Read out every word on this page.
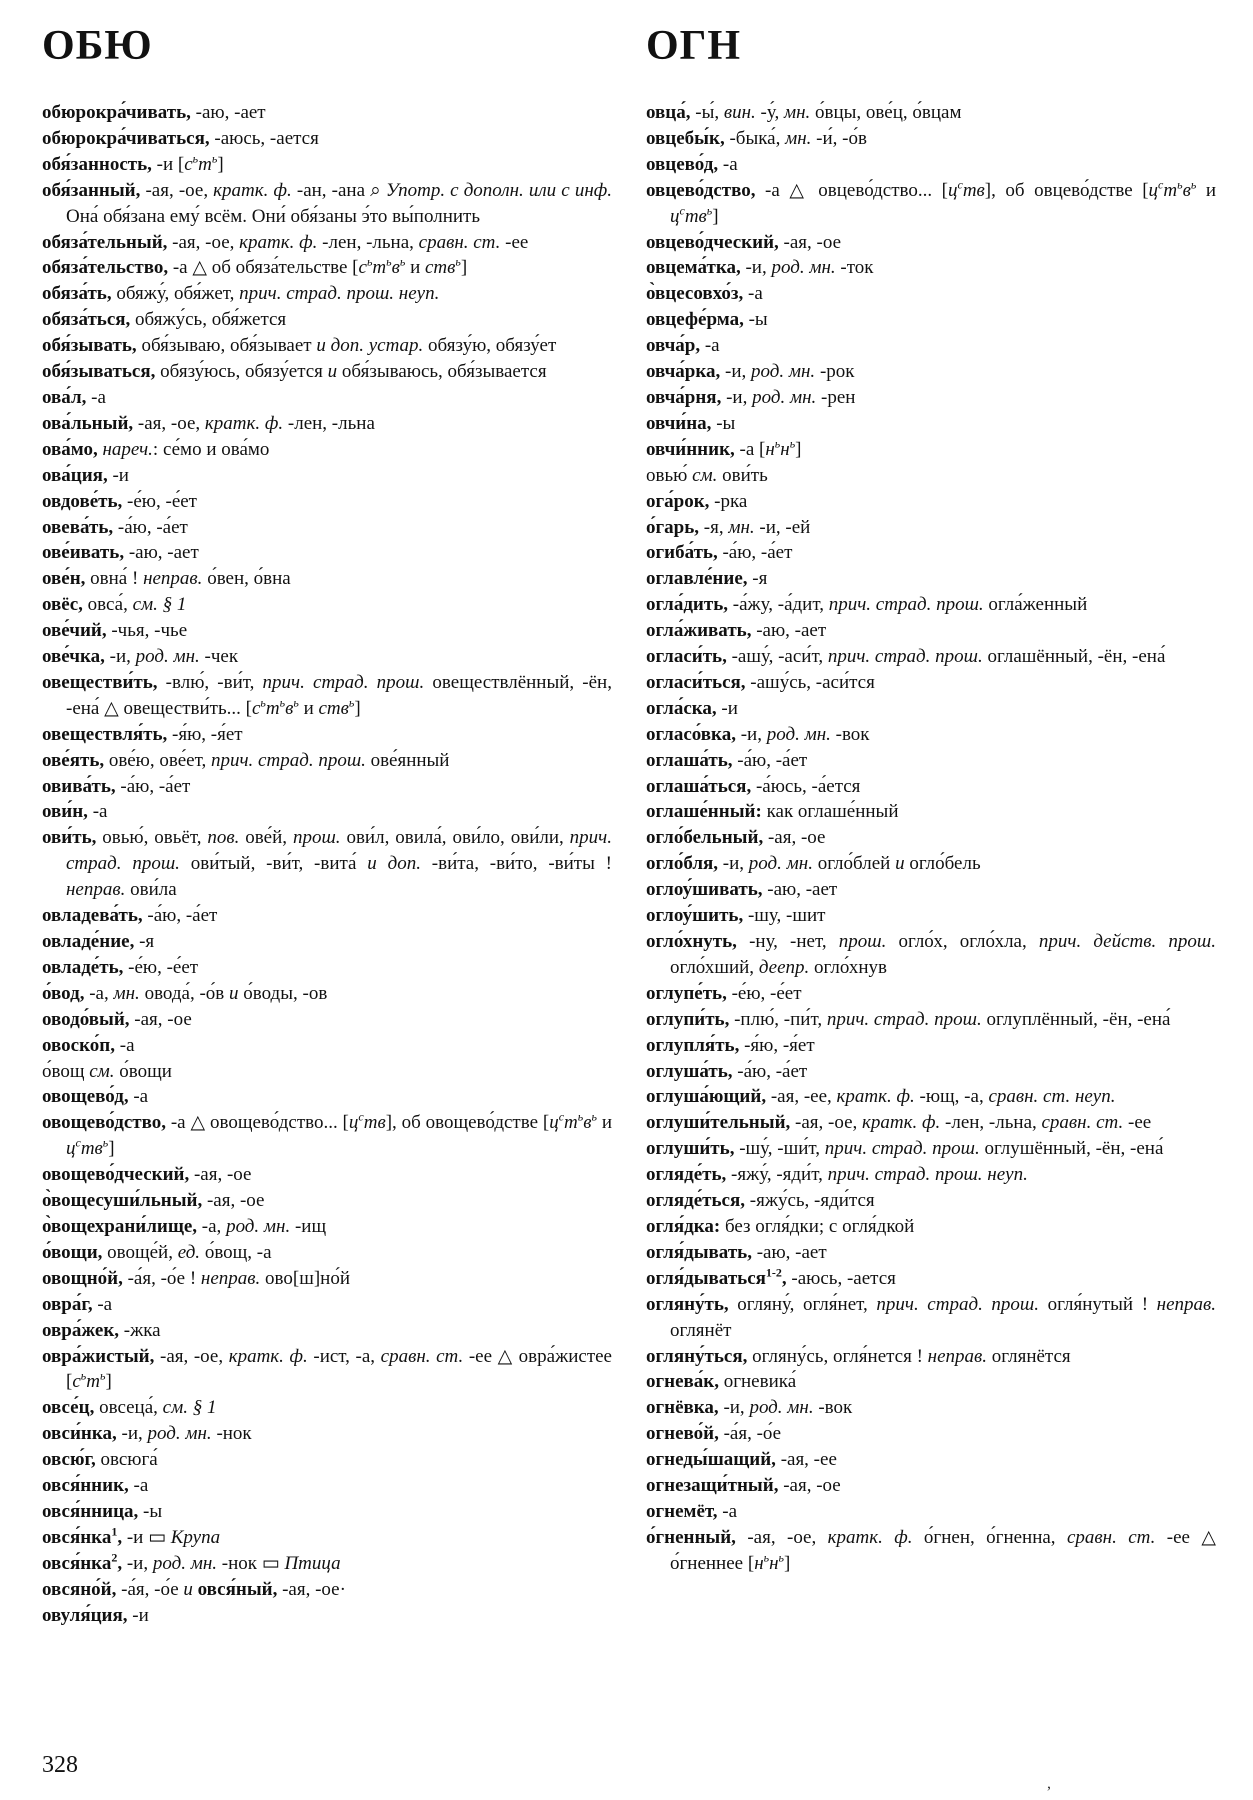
ОБЮ	ОГН

обюрокра́чивать, -аю, -ает

обюрокра́чиваться, -аюсь, -ается

обя́занность, -и $[с^ьт^ь]$

обя́занный, -ая, -ое, кратк. ф. -ан, -ана ⌕ Употр. с дополн. или с инф. Она́ обя́зана ему́ всём. Они́ обя́заны э́то вы́полнить

обяза́тельный, -ая, -ое, кратк. ф. -лен, -льна, сравн. ст. -ее

обяза́тельство, -а △ об обяза́тельстве [$с^ьт^ьв^ь$ и ств$^ь$]

обяза́ть, обяжу́, обя́жет, прич. страд. прош. неуп.

обяза́ться, обяжу́сь, обя́жется

обя́зывать, обя́зываю, обя́зывает и доп. устар. обязу́ю, обязу́ет

обя́зываться, обязу́юсь, обязу́ется и обя́зываюсь, обя́зывается

ова́л, -а

ова́льный, -ая, -ое, кратк. ф. -лен, -льна

ова́мо, нареч.: се́мо и ова́мо

ова́ция, -и

овдове́ть, -е́ю, -е́ет

овева́ть, -а́ю, -а́ет

ове́ивать, -аю, -ает

ове́н, овна́ ! неправ. о́вен, о́вна

овёс, овса́, см. § 1

ове́чий, -чья, -чье

ове́чка, -и, род. мн. -чек

овеществи́ть, -влю́, -ви́т, прич. страд. прош. овеществлённый, -ён, -ена́ △ овеществи́ть... [$с^ьт^ьв^ь$ и ств$^ь$]

овеществля́ть, -я́ю, -я́ет

ове́ять, ове́ю, ове́ет, прич. страд. прош. ове́янный

овива́ть, -а́ю, -а́ет

ови́н, -а

ови́ть, овью́, овьёт, пов. ове́й, прош. ови́л, овила́, ови́ло, ови́ли, прич. страд. прош. ови́тый, -ви́т, -вита́ и доп. -ви́та, -ви́то, -ви́ты ! неправ. ови́ла

овладева́ть, -а́ю, -а́ет

овладе́ние, -я

овладе́ть, -е́ю, -е́ет

о́вод, -а, мн. овода́, -о́в и о́воды, -ов

оводо́вый, -ая, -ое

овоско́п, -а

о́вощ см. о́вощи

овощево́д, -а

овощево́дство, -а △ овощево́дство... $[ц^ств]$, об овощево́дстве [$ц^ст^ьв^ь$ и $ц^ств^ь$]

овощево́дческий, -ая, -ое

о̀вощесуши́льный, -ая, -ое

о̀вощехрани́лище, -а, род. мн. -ищ

о́вощи, овоще́й, ед. о́вощ, -а

овощно́й, -а́я, -о́е ! неправ. ово[ш]но́й

овра́г, -а

овра́жек, -жка

овра́жистый, -ая, -ое, кратк. ф. -ист, -а, сравн. ст. -ее △ овра́жистее $[с^ьт^ь]$

овсе́ц, овсеца́, см. § 1

овси́нка, -и, род. мн. -нок

овсю́г, овсюга́

овся́нник, -а

овся́нница, -ы

овся́нка$^1$, -и ▭ Крупа

овся́нка$^2$, -и, род. мн. -нок ▭ Птица

овсяно́й, -а́я, -о́е и овся́ный, -ая, -ое·

овуля́ция, -и

овца́, -ы́, вин. -у́, мн. о́вцы, ове́ц, о́вцам

овцебы́к, -быка́, мн. -и́, -о́в

овцево́д, -а

овцево́дство, -а △ овцево́дство... $[ц^ств]$, об овцево́дстве [$ц^ст^ьв^ь$ и $ц^ств^ь$]

овцево́дческий, -ая, -ое

овцема́тка, -и, род. мн. -ток

о̀вцесовхо́з, -а

овцефе́рма, -ы

овча́р, -а

овча́рка, -и, род. мн. -рок

овча́рня, -и, род. мн. -рен

овчи́на, -ы

овчи́нник, -а $[н^ьн^ь]$

овью́ см. ови́ть

ога́рок, -рка

о́гарь, -я, мн. -и, -ей

огиба́ть, -а́ю, -а́ет

оглавле́ние, -я

огла́дить, -а́жу, -а́дит, прич. страд. прош. огла́женный

огла́живать, -аю, -ает

огласи́ть, -ашу́, -аси́т, прич. страд. прош. оглашённый, -ён, -ена́

огласи́ться, -ашу́сь, -аси́тся

огла́ска, -и

огласо́вка, -и, род. мн. -вок

оглаша́ть, -а́ю, -а́ет

оглаша́ться, -а́юсь, -а́ется

оглаше́нный: как оглаше́нный

огло́бельный, -ая, -ое

огло́бля, -и, род. мн. огло́блей и огло́бель

оглоу́шивать, -аю, -ает

оглоу́шить, -шу, -шит

огло́хнуть, -ну, -нет, прош. огло́х, огло́хла, прич. действ. прош. огло́хший, деепр. огло́хнув

оглупе́ть, -е́ю, -е́ет

оглупи́ть, -плю́, -пи́т, прич. страд. прош. оглуплённый, -ён, -ена́

оглупля́ть, -я́ю, -я́ет

оглуша́ть, -а́ю, -а́ет

оглуша́ющий, -ая, -ее, кратк. ф. -ющ, -а, сравн. ст. неуп.

оглуши́тельный, -ая, -ое, кратк. ф. -лен, -льна, сравн. ст. -ее

оглуши́ть, -шу́, -ши́т, прич. страд. прош. оглушённый, -ён, -ена́

огляде́ть, -яжу́, -яди́т, прич. страд. прош. неуп.

огляде́ться, -яжу́сь, -яди́тся

огля́дка: без огля́дки; с огля́дкой

огля́дывать, -аю, -ает

огля́дываться$^{1-2}$, -аюсь, -ается

огляну́ть, огляну́, огля́нет, прич. страд. прош. огля́нутый ! неправ. оглянёт

огляну́ться, огляну́сь, огля́нется ! неправ. оглянётся

огнева́к, огневика́

огнёвка, -и, род. мн. -вок

огнево́й, -а́я, -о́е

огнеды́шащий, -ая, -ее

огнезащи́тный, -ая, -ое

огнемёт, -а

о́гненный, -ая, -ое, кратк. ф. о́гнен, о́гненна, сравн. ст. -ее △ о́гненнее $[н^ьн^ь]$

328
,
